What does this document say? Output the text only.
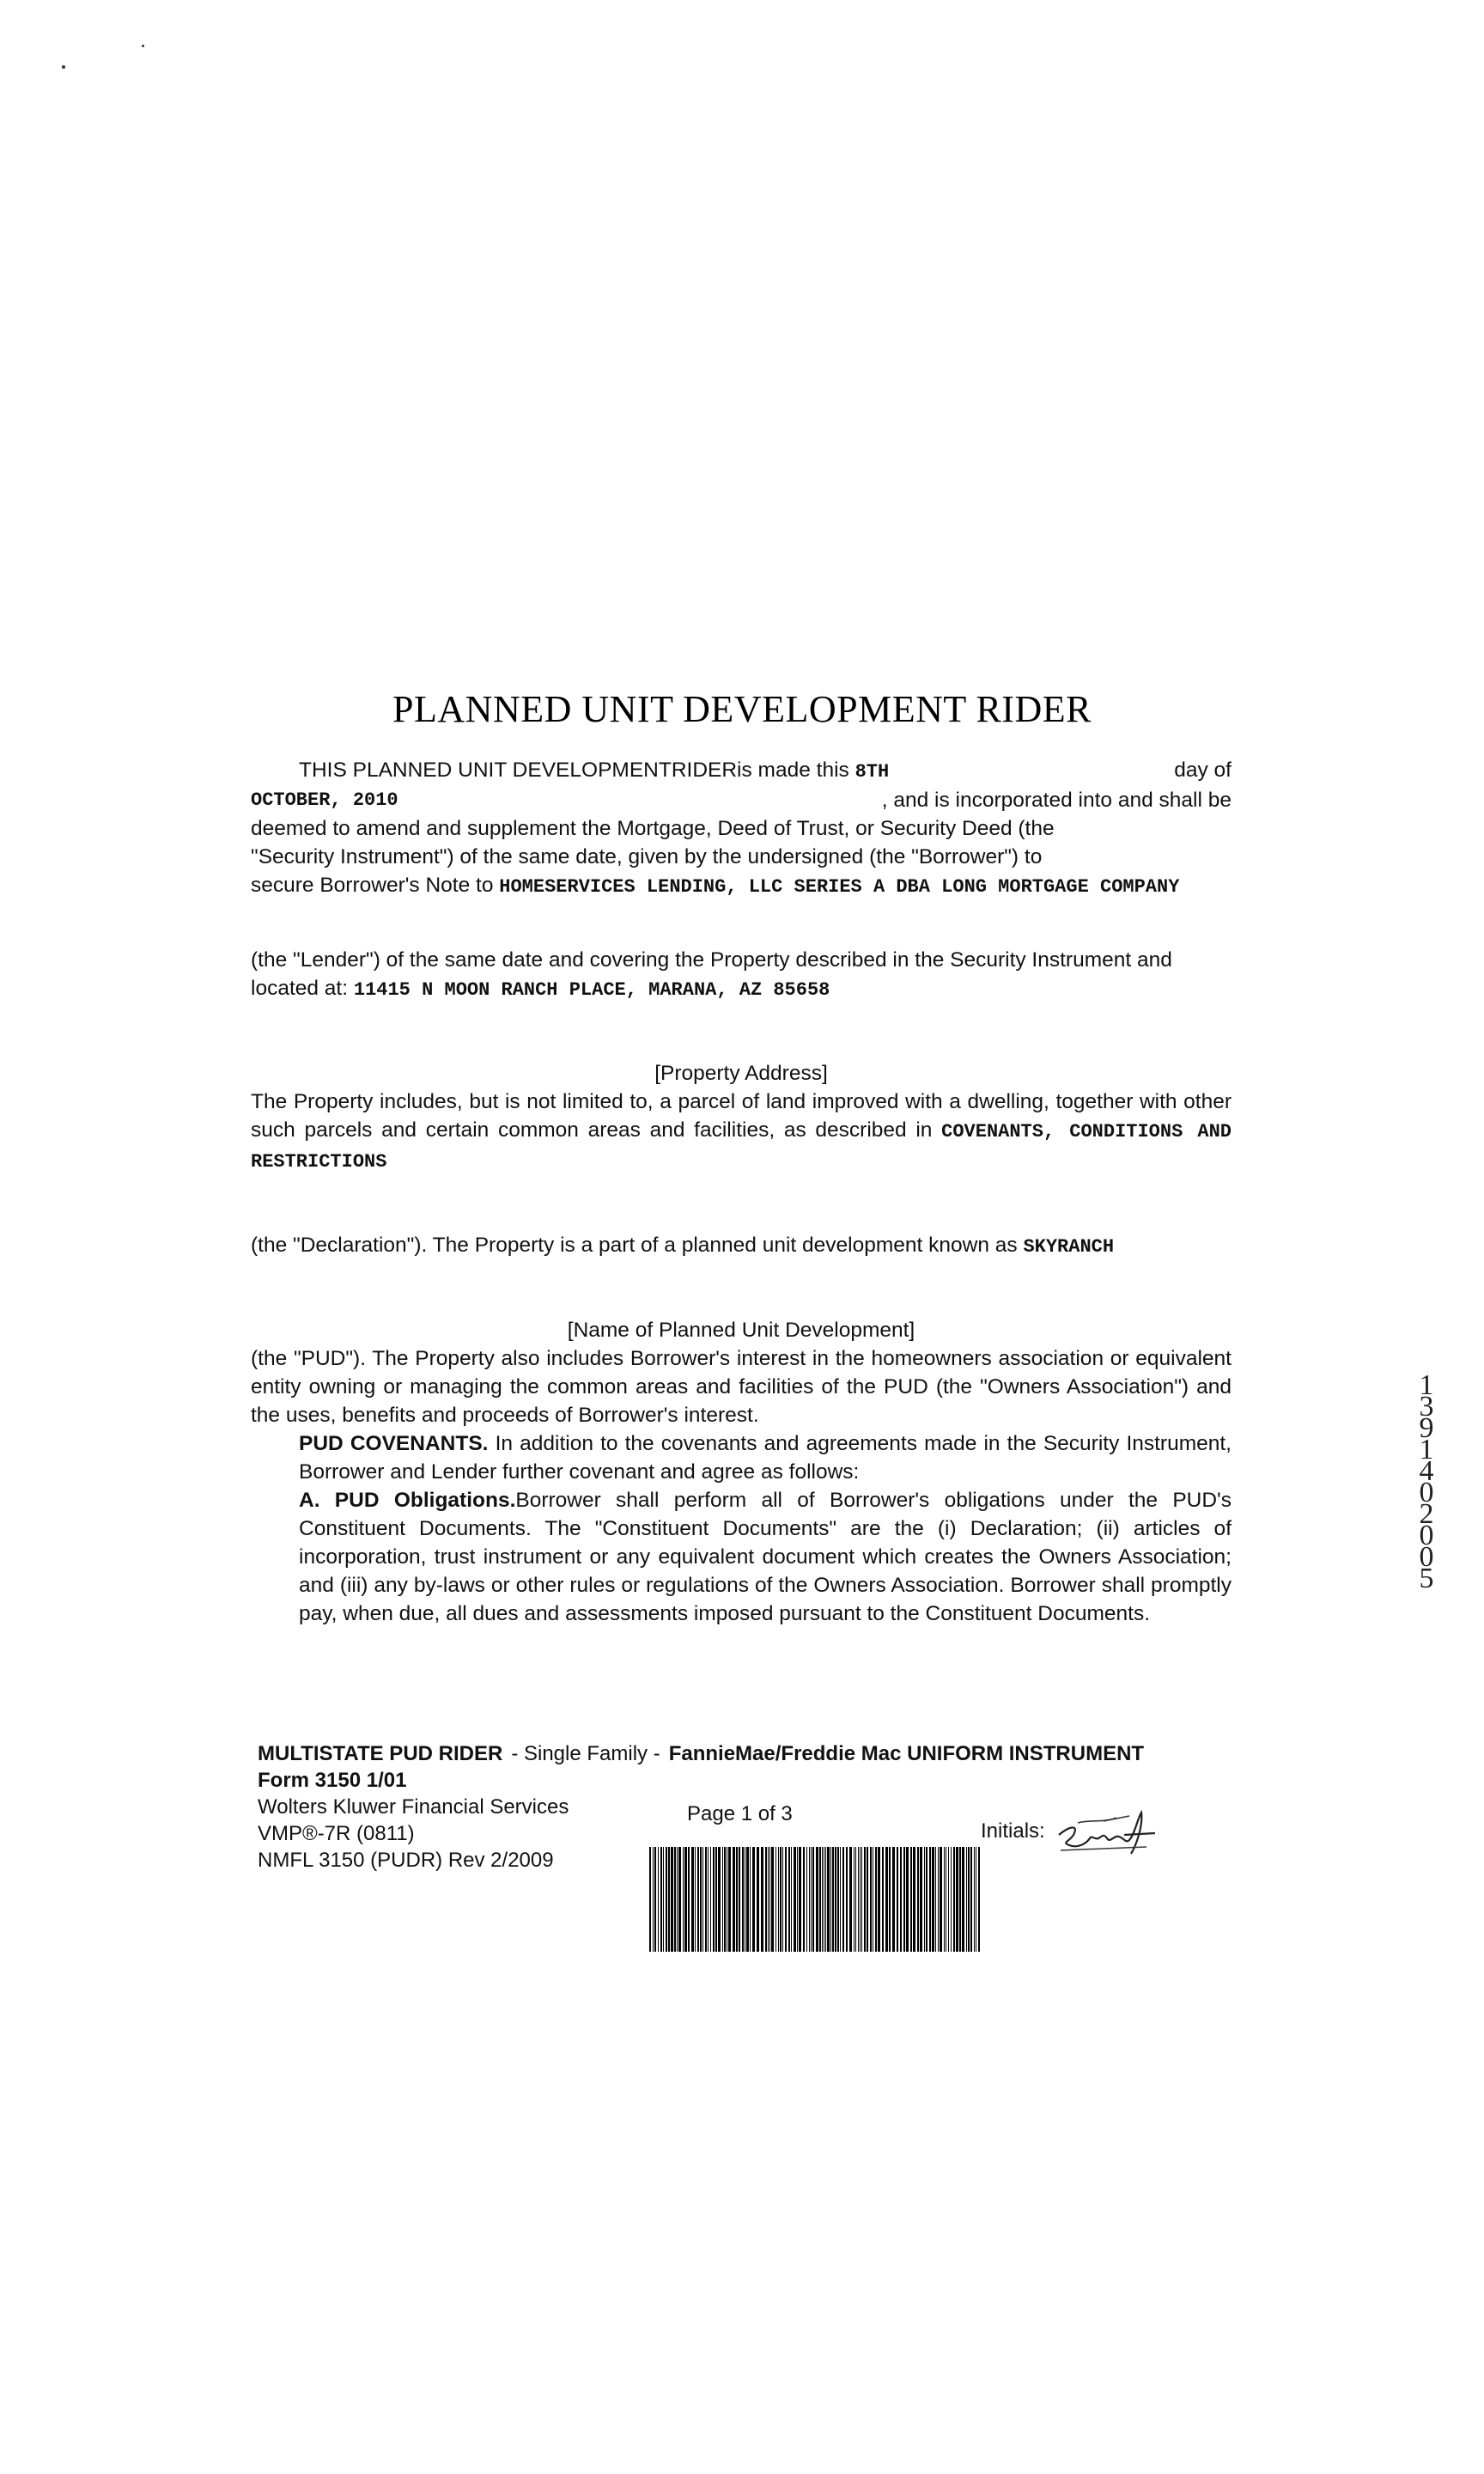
PLANNED UNIT DEVELOPMENT RIDER
THIS PLANNED UNIT DEVELOPMENTRIDERis made this 8TH	day of
OCTOBER, 2010	, and is incorporated into and shall be

deemed to amend and supplement the Mortgage, Deed of Trust, or Security Deed (the

"Security Instrument") of the same date, given by the undersigned (the "Borrower") to

secure Borrower's Note to HOMESERVICES LENDING, LLC SERIES A DBA LONG MORTGAGE COMPANY

(the "Lender") of the same date and covering the Property described in the Security Instrument and located at: 11415 N MOON RANCH PLACE, MARANA, AZ 85658

[Property Address]

The Property includes, but is not limited to, a parcel of land improved with a dwelling, together with other such parcels and certain common areas and facilities, as described in COVENANTS, CONDITIONS AND RESTRICTIONS

(the "Declaration"). The Property is a part of a planned unit development known as SKYRANCH

[Name of Planned Unit Development]

(the "PUD"). The Property also includes Borrower's interest in the homeowners association or equivalent entity owning or managing the common areas and facilities of the PUD (the "Owners Association") and the uses, benefits and proceeds of Borrower's interest.

PUD COVENANTS. In addition to the covenants and agreements made in the Security Instrument, Borrower and Lender further covenant and agree as follows:

A. PUD Obligations.Borrower shall perform all of Borrower's obligations under the PUD's Constituent Documents. The "Constituent Documents" are the (i) Declaration; (ii) articles of incorporation, trust instrument or any equivalent document which creates the Owners Association; and (iii) any by-laws or other rules or regulations of the Owners Association. Borrower shall promptly pay, when due, all dues and assessments imposed pursuant to the Constituent Documents.

MULTISTATE PUD RIDER - Single Family - FannieMae/Freddie Mac UNIFORM INSTRUMENT
Form 3150 1/01
Wolters Kluwer Financial Services
VMP®-7R (0811)
NMFL 3150 (PUDR) Rev 2/2009
Page 1 of 3
Initials:
1391402005
